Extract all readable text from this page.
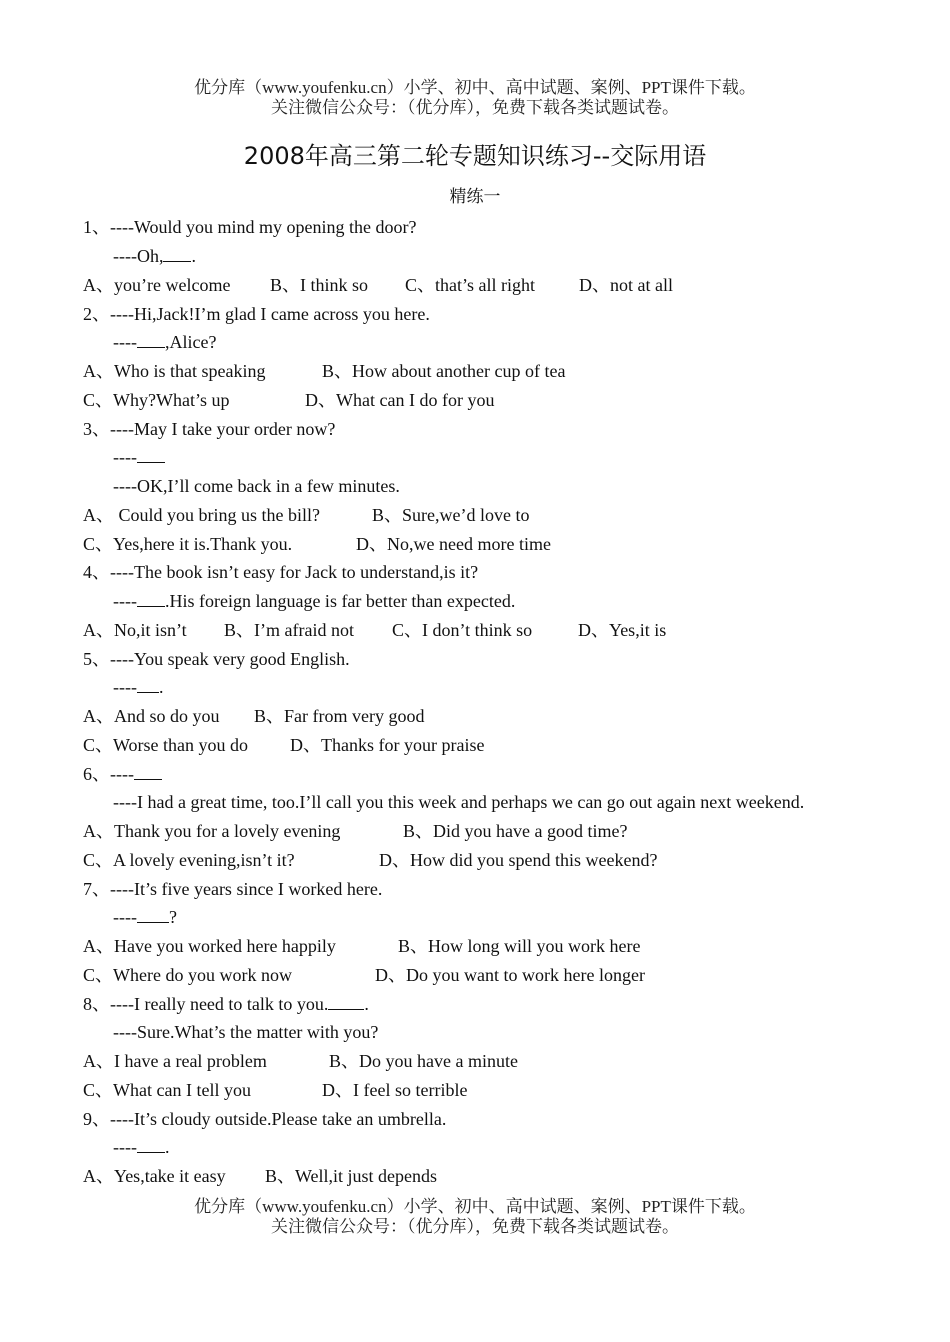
优分库（www.youfenku.cn）小学、初中、高中试题、案例、PPT课件下载。
关注微信公众号：（优分库），免费下载各类试题试卷。
2008年高三第二轮专题知识练习--交际用语
精练一
1、----Would you mind my opening the door?
----Oh, .
A、you’re welcome B、I think so C、that’s all right D、not at all
2、----Hi,Jack!I’m glad I came across you here.
---- ,Alice?
A、Who is that speaking	B、How about another cup of tea
C、Why?What’s up	D、What can I do for you
3、----May I take your order now?
----
----OK,I’ll come back in a few minutes.
A、 Could you bring us the bill?	B、Sure,we’d love to
C、Yes,here it is.Thank you.	D、No,we need more time
4、----The book isn’t easy for Jack to understand,is it?
---- .His foreign language is far better than expected.
A、No,it isn’t B、I’m afraid not C、I don’t think so	D、Yes,it is
5、----You speak very good English.
---- .
A、And so do you B、Far from very good
C、Worse than you do D、Thanks for your praise
6、----
----I had a great time, too.I’ll call you this week and perhaps we can go out again next weekend.
A、Thank you for a lovely evening	B、Did you have a good time?
C、A lovely evening,isn’t it?	D、How did you spend this weekend?
7、----It’s five years since I worked here.
---- ?
A、Have you worked here happily	B、How long will you work here
C、Where do you work now	D、Do you want to work here longer
8、----I really need to talk to you. .
----Sure.What’s the matter with you?
A、I have a real problem	B、Do you have a minute
C、What can I tell you	D、I feel so terrible
9、----It’s cloudy outside.Please take an umbrella.
---- .
A、Yes,take it easy B、Well,it just depends
优分库（www.youfenku.cn）小学、初中、高中试题、案例、PPT课件下载。
关注微信公众号：（优分库），免费下载各类试题试卷。
